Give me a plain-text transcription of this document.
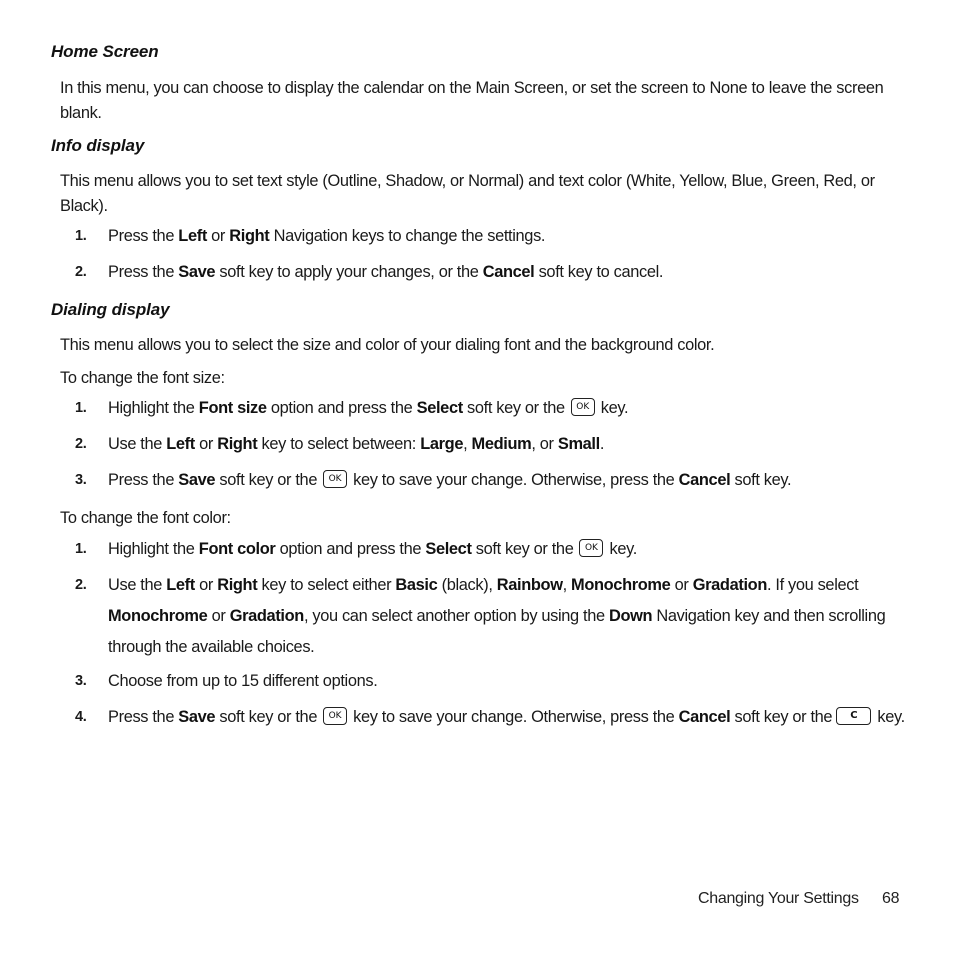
Home Screen

In this menu, you can choose to display the calendar on the Main Screen, or set the screen to None to leave the screen blank.

Info display

This menu allows you to set text style (Outline, Shadow, or Normal) and text color (White, Yellow, Blue, Green, Red, or Black).

1. Press the Left or Right Navigation keys to change the settings.
2. Press the Save soft key to apply your changes, or the Cancel soft key to cancel.
Dialing display

This menu allows you to select the size and color of your dialing font and the background color.

To change the font size:

1. Highlight the Font size option and press the Select soft key or the OK key.
2. Use the Left or Right key to select between: Large, Medium, or Small.
3. Press the Save soft key or the OK key to save your change. Otherwise, press the Cancel soft key.

To change the font color:

1. Highlight the Font color option and press the Select soft key or the OK key.
2. Use the Left or Right key to select either Basic (black), Rainbow, Monochrome or Gradation. If you select Monochrome or Gradation, you can select another option by using the Down Navigation key and then scrolling through the available choices.
3. Choose from up to 15 different options.
4. Press the Save soft key or the OK key to save your change. Otherwise, press the Cancel soft key or the C key.
Changing Your Settings 68
